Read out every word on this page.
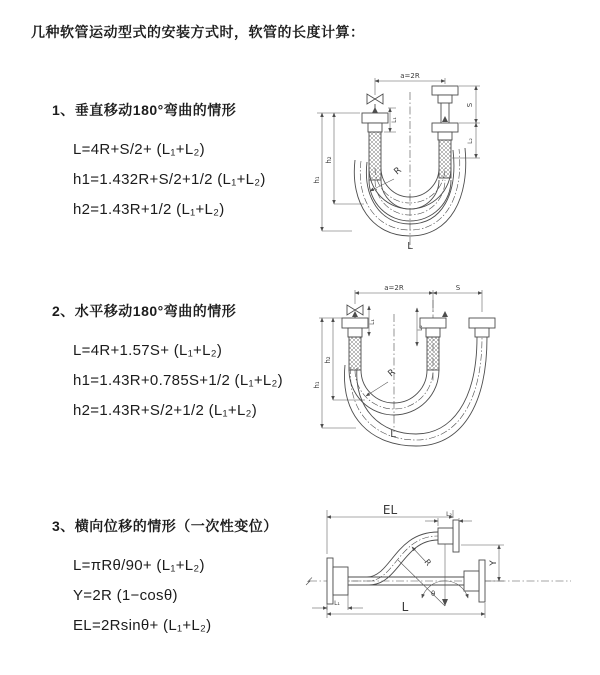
几种软管运动型式的安装方式时，软管的长度计算：
1、垂直移动180°弯曲的情形
L=4R+S/2+ (L₁+L₂)
h1=1.432R+S/2+1/2 (L₁+L₂)
h2=1.43R+1/2 (L₁+L₂)
2、水平移动180°弯曲的情形
L=4R+1.57S+ (L₁+L₂)
h1=1.43R+0.785S+1/2 (L₁+L₂)
h2=1.43R+S/2+1/2 (L₁+L₂)
3、横向位移的情形（一次性变位）
L=πRθ/90+ (L₁+L₂)
Y=2R (1−cosθ)
EL=2Rsinθ+ (L₁+L₂)
a=2R
S
L₂
L₁
h₂
h₁
R
L
a=2R	S
h₂
h₁
L₁
L₂
R
L
EL	L₂
Y
L
L₁
R
θ
